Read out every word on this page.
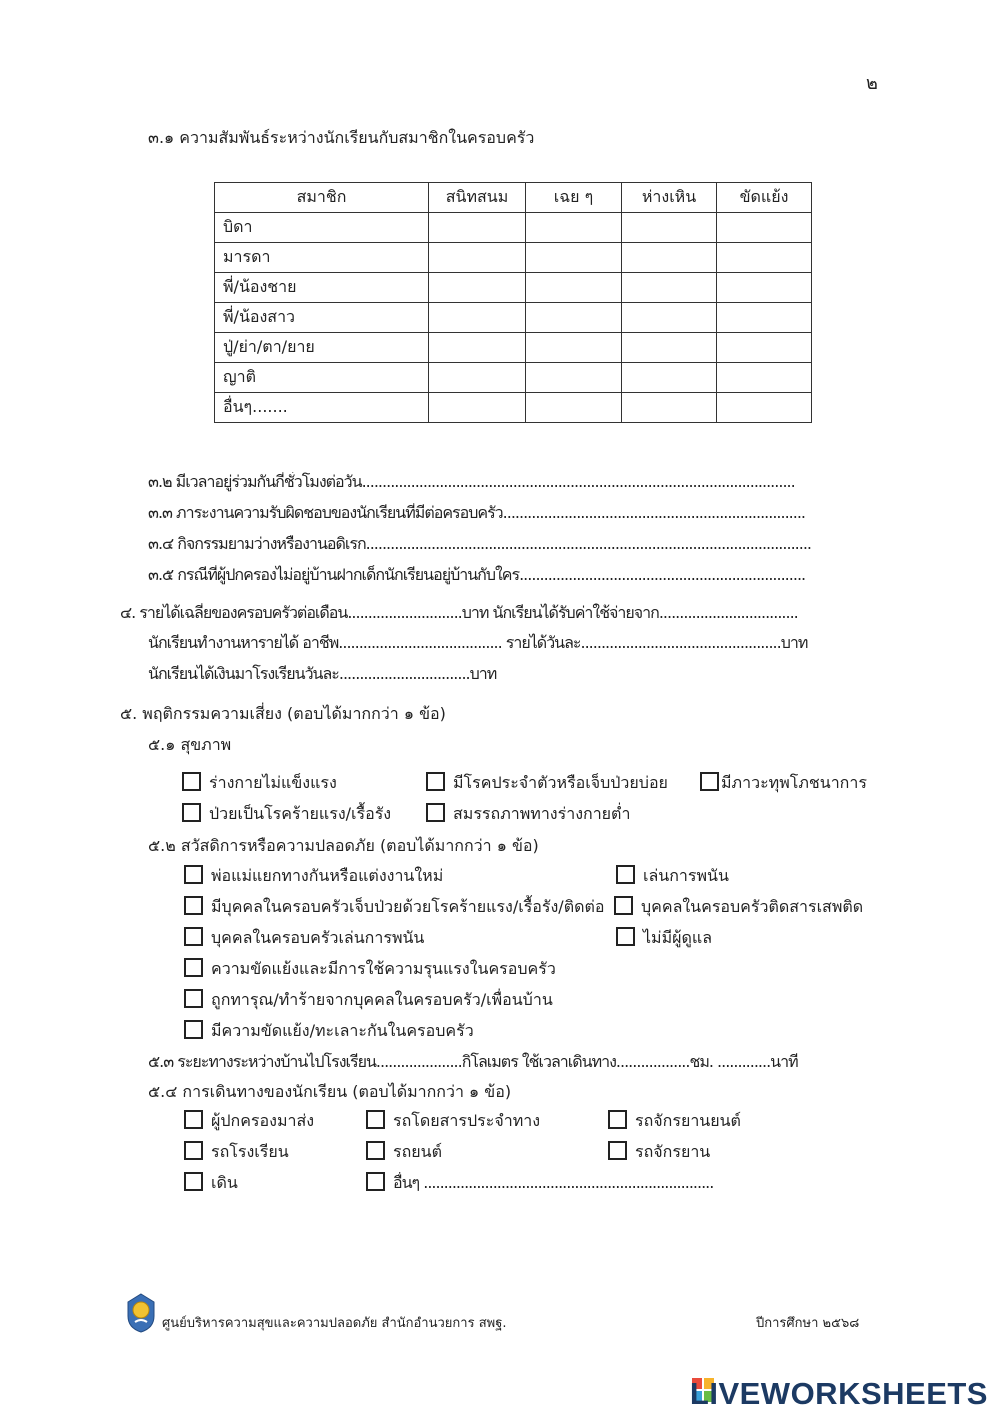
๒
๓.๑ ความสัมพันธ์ระหว่างนักเรียนกับสมาชิกในครอบครัว
สมาชิก	สนิทสนม	เฉย ๆ	ห่างเหิน	ขัดแย้ง
บิดา				
มารดา				
พี่/น้องชาย				
พี่/น้องสาว				
ปู่/ย่า/ตา/ยาย				
ญาติ				
อื่นๆ.......				
๓.๒ มีเวลาอยู่ร่วมกันกี่ชั่วโมงต่อวัน..........................................................................................................
๓.๓ ภาระงานความรับผิดชอบของนักเรียนที่มีต่อครอบครัว..........................................................................
๓.๔ กิจกรรมยามว่างหรืองานอดิเรก.............................................................................................................
๓.๕ กรณีที่ผู้ปกครองไม่อยู่บ้านฝากเด็กนักเรียนอยู่บ้านกับใคร......................................................................
๔. รายได้เฉลี่ยของครอบครัวต่อเดือน............................บาท นักเรียนได้รับค่าใช้จ่ายจาก..................................
นักเรียนทำงานหารายได้ อาชีพ........................................ รายได้วันละ.................................................บาท
นักเรียนได้เงินมาโรงเรียนวันละ................................บาท
๕. พฤติกรรมความเสี่ยง (ตอบได้มากกว่า ๑ ข้อ)
๕.๑ สุขภาพ
ร่างกายไม่แข็งแรง	มีโรคประจำตัวหรือเจ็บป่วยบ่อย	มีภาวะทุพโภชนาการ
ป่วยเป็นโรคร้ายแรง/เรื้อรัง	สมรรถภาพทางร่างกายต่ำ
๕.๒ สวัสดิการหรือความปลอดภัย (ตอบได้มากกว่า ๑ ข้อ)
พ่อแม่แยกทางกันหรือแต่งงานใหม่	เล่นการพนัน
มีบุคคลในครอบครัวเจ็บป่วยด้วยโรคร้ายแรง/เรื้อรัง/ติดต่อ	บุคคลในครอบครัวติดสารเสพติด
บุคคลในครอบครัวเล่นการพนัน	ไม่มีผู้ดูแล
ความขัดแย้งและมีการใช้ความรุนแรงในครอบครัว
ถูกทารุณ/ทำร้ายจากบุคคลในครอบครัว/เพื่อนบ้าน
มีความขัดแย้ง/ทะเลาะกันในครอบครัว
๕.๓ ระยะทางระหว่างบ้านไปโรงเรียน.....................กิโลเมตร ใช้เวลาเดินทาง..................ชม. .............นาที
๕.๔ การเดินทางของนักเรียน (ตอบได้มากกว่า ๑ ข้อ)
ผู้ปกครองมาส่ง	รถโดยสารประจำทาง	รถจักรยานยนต์
รถโรงเรียน	รถยนต์	รถจักรยาน
เดิน	อื่นๆ .......................................................................
ศูนย์บริหารความสุขและความปลอดภัย สำนักอำนวยการ สพฐ.	ปีการศึกษา ๒๕๖๘
LIVEWORKSHEETS
